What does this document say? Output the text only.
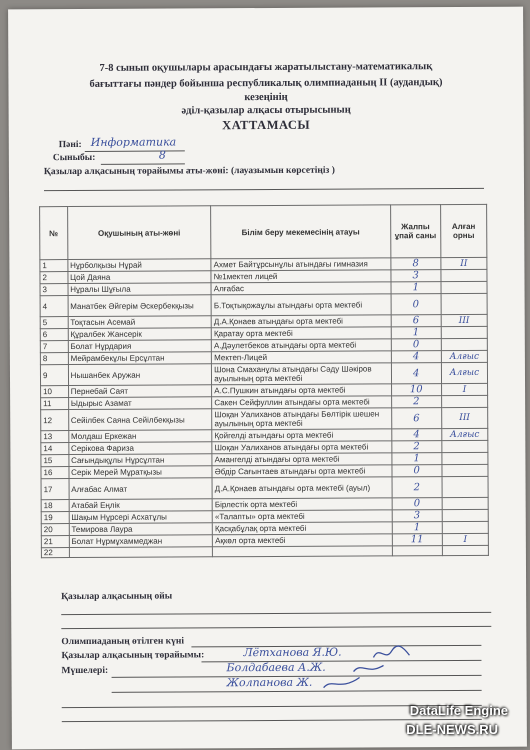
7-8 сынып оқушылары арасындағы жаратылыстану-математикалық
бағыттағы пәндер бойынша республикалық олимпиаданың II (аудандық)
кезеңінің
әділ-қазылар алқасы отырысының
ХАТТАМАСЫ
Пәні: Информатика
Сыныбы:	8
Қазылар алқасының төрайымы аты-жөні: (лауазымын көрсетіңіз )
№	Оқушының аты-жөні	Білім беру мекемесінің атауы	Жалпы ұпай саны	Алған орны
1	Нұрболқызы Нұрай	Ахмет Байтұрсынұлы атындағы гимназия	8	II
2	Цой Даяна	№1мектеп лицей	3	
3	Нұралы Шұғыла	Алғабас	1	
4	Манатбек Әйгерім Әскербекқызы	Б.Тоқтықожаұлы атындағы орта мектебі	0	
5	Тоқтасын Асемай	Д.А.Қонаев атындағы орта мектебі	6	III
6	Құралбек Жансерік	Қаратау орта мектебі	1	
7	Болат Нұрдария	А.Дәулетбеков атындағы орта мектебі	0	
8	Мейрамбекұлы Ерсұлтан	Мектеп-Лицей	4	Алғыс
9	Нышанбек Аружан	Шона Смаханұлы атындағы Сәду Шәкіров ауылының орта мектебі	4	Алғыс
10	Пернебай Саят	А.С.Пушкин атындағы орта мектебі	10	I
11	Ыдырыс Азамат	Сакен Сейфуллин атындағы орта мектебі	2	
12	Сейілбек Саяна Сейілбекқызы	Шоқан Уалиханов атындағы Бөлтірік шешен ауылының орта мектебі	6	III
13	Молдаш Еркежан	Қойгелді атындағы орта мектебі	4	Алғыс
14	Серікова Фариза	Шоқан Уалиханов атындағы орта мектебі	2	
15	Сағындықұлы Нұрсұлтан	Амангелді атындағы орта мектебі	1	
16	Серік Мерей Мұратқызы	Әбдір Сағынтаев атындағы орта мектебі	0	
17	Алғабас Алмат	Д.А.Қонаев атындағы орта мектебі (ауыл)	2	
18	Атабай Еңлік	Бірлестік орта мектебі	0	
19	Шақым Нұрсері Асхатұлы	«Талапты» орта мектебі	3	
20	Темирова Лаура	Қасқабұлақ орта мектебі	1	
21	Болат Нұрмұхаммеджан	Ақкөл орта мектебі	11	I
22				
Қазылар алқасының ойы
Олимпиаданың өтілген күні
Қазылар алқасының төрайымы:	Лётханова Я.Ю.
Мүшелері:	Болдабаева А.Ж.
Жолпанова Ж.
DataLife Engine
DLE-NEWS.RU
